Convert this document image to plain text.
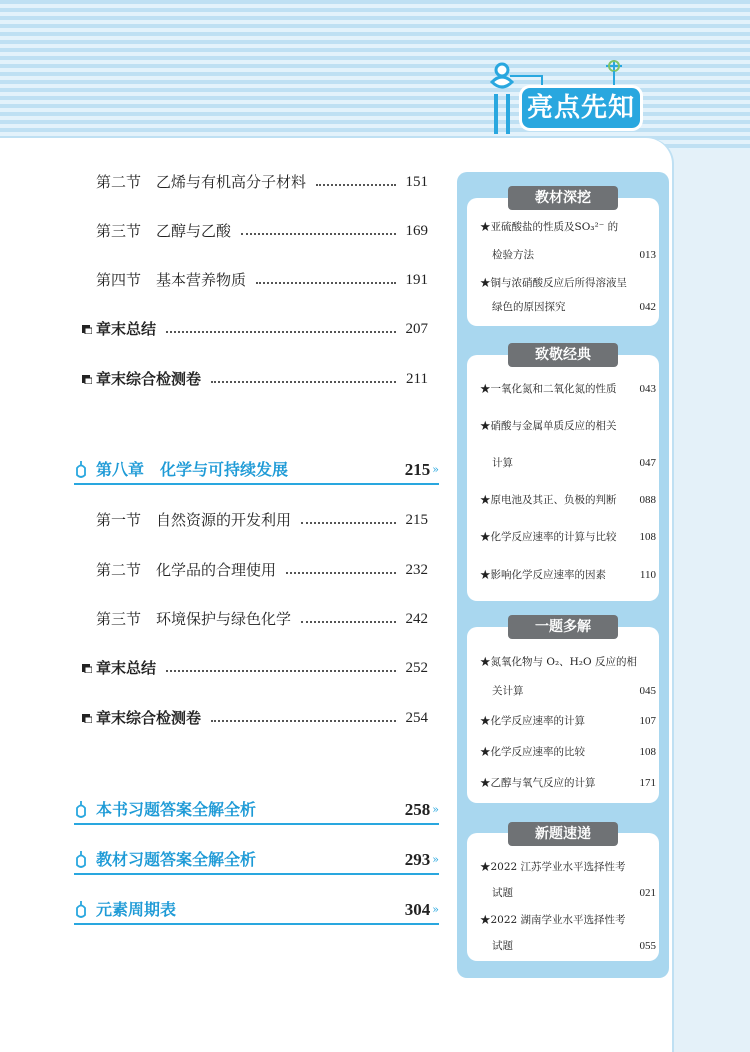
亮点先知
第二节　乙烯与有机高分子材料	151
第三节　乙醇与乙酸	169
第四节　基本营养物质	191
章末总结	207
章末综合检测卷	211
第八章　化学与可持续发展	215 »
第一节　自然资源的开发利用	215
第二节　化学品的合理使用	232
第三节　环境保护与绿色化学	242
章末总结	252
章末综合检测卷	254
本书习题答案全解全析	258 »
教材习题答案全解全析	293 »
元素周期表	304 »
教材深挖
★亚硫酸盐的性质及SO₃²⁻ 的
检验方法	013
★铜与浓硝酸反应后所得溶液呈
绿色的原因探究	042
致敬经典
★一氧化氮和二氧化氮的性质 043
★硝酸与金属单质反应的相关
计算	047
★原电池及其正、负极的判断 088
★化学反应速率的计算与比较 108
★影响化学反应速率的因素	110
一题多解
★氮氧化物与 O₂、H₂O 反应的相
关计算	045
★化学反应速率的计算	107
★化学反应速率的比较	108
★乙醇与氧气反应的计算	171
新题速递
★2022 江苏学业水平选择性考
试题	021
★2022 湖南学业水平选择性考
试题	055
